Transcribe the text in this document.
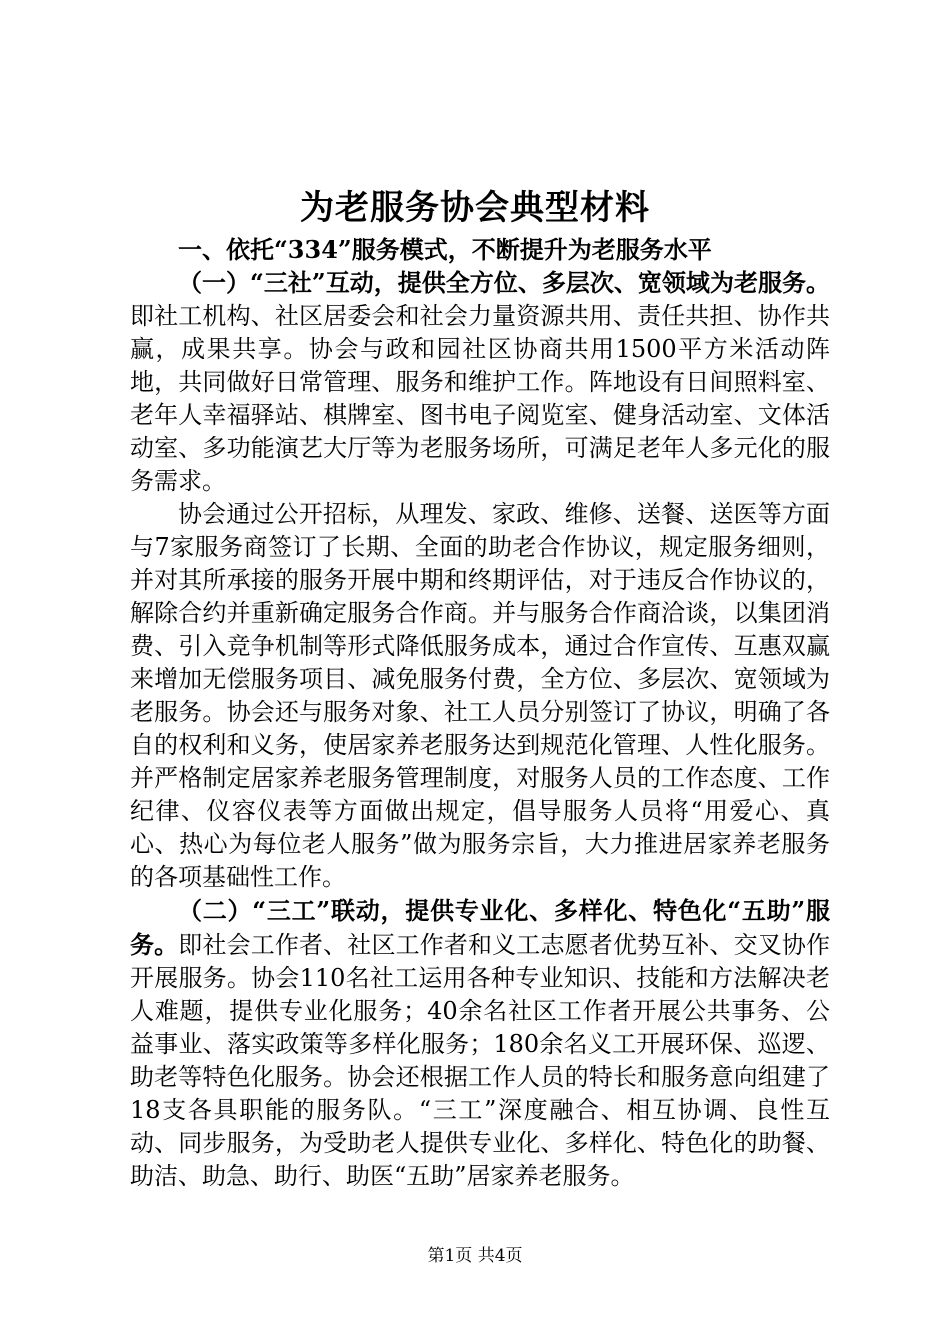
为老服务协会典型材料

一、依托“334”服务模式，不断提升为老服务水平

（一）“三社”互动，提供全方位、多层次、宽领域为老服务。即社工机构、社区居委会和社会力量资源共用、责任共担、协作共赢，成果共享。协会与政和园社区协商共用1500平方米活动阵地，共同做好日常管理、服务和维护工作。阵地设有日间照料室、老年人幸福驿站、棋牌室、图书电子阅览室、健身活动室、文体活动室、多功能演艺大厅等为老服务场所，可满足老年人多元化的服务需求。

协会通过公开招标，从理发、家政、维修、送餐、送医等方面与7家服务商签订了长期、全面的助老合作协议，规定服务细则，并对其所承接的服务开展中期和终期评估，对于违反合作协议的，解除合约并重新确定服务合作商。并与服务合作商洽谈，以集团消费、引入竞争机制等形式降低服务成本，通过合作宣传、互惠双赢来增加无偿服务项目、减免服务付费，全方位、多层次、宽领域为老服务。协会还与服务对象、社工人员分别签订了协议，明确了各自的权利和义务，使居家养老服务达到规范化管理、人性化服务。并严格制定居家养老服务管理制度，对服务人员的工作态度、工作纪律、仪容仪表等方面做出规定，倡导服务人员将“用爱心、真心、热心为每位老人服务”做为服务宗旨，大力推进居家养老服务的各项基础性工作。

（二）“三工”联动，提供专业化、多样化、特色化“五助”服务。即社会工作者、社区工作者和义工志愿者优势互补、交叉协作开展服务。协会110名社工运用各种专业知识、技能和方法解决老人难题，提供专业化服务；40余名社区工作者开展公共事务、公益事业、落实政策等多样化服务；180余名义工开展环保、巡逻、助老等特色化服务。协会还根据工作人员的特长和服务意向组建了18支各具职能的服务队。“三工”深度融合、相互协调、良性互动、同步服务，为受助老人提供专业化、多样化、特色化的助餐、助洁、助急、助行、助医“五助”居家养老服务。

第1页 共4页
